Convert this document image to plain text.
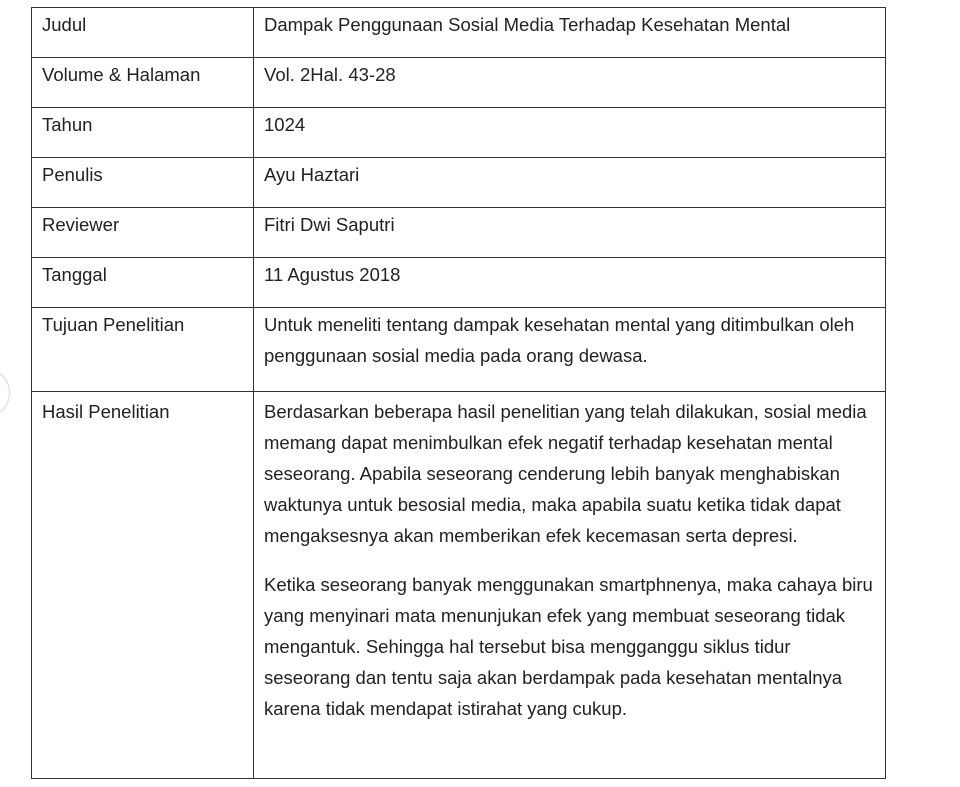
Judul	Dampak Penggunaan Sosial Media Terhadap Kesehatan Mental
Volume & Halaman	Vol. 2Hal. 43-28
Tahun	1024
Penulis	Ayu Haztari
Reviewer	Fitri Dwi Saputri
Tanggal	11 Agustus 2018
Tujuan Penelitian	Untuk meneliti tentang dampak kesehatan mental yang ditimbulkan oleh penggunaan sosial media pada orang dewasa.
Hasil Penelitian	Berdasarkan beberapa hasil penelitian yang telah dilakukan, sosial media memang dapat menimbulkan efek negatif terhadap kesehatan mental seseorang. Apabila seseorang cenderung lebih banyak menghabiskan waktunya untuk besosial media, maka apabila suatu ketika tidak dapat mengaksesnya akan memberikan efek kecemasan serta depresi.

Ketika seseorang banyak menggunakan smartphnenya, maka cahaya biru yang menyinari mata menunjukan efek yang membuat seseorang tidak mengantuk. Sehingga hal tersebut bisa mengganggu siklus tidur seseorang dan tentu saja akan berdampak pada kesehatan mentalnya karena tidak mendapat istirahat yang cukup.
